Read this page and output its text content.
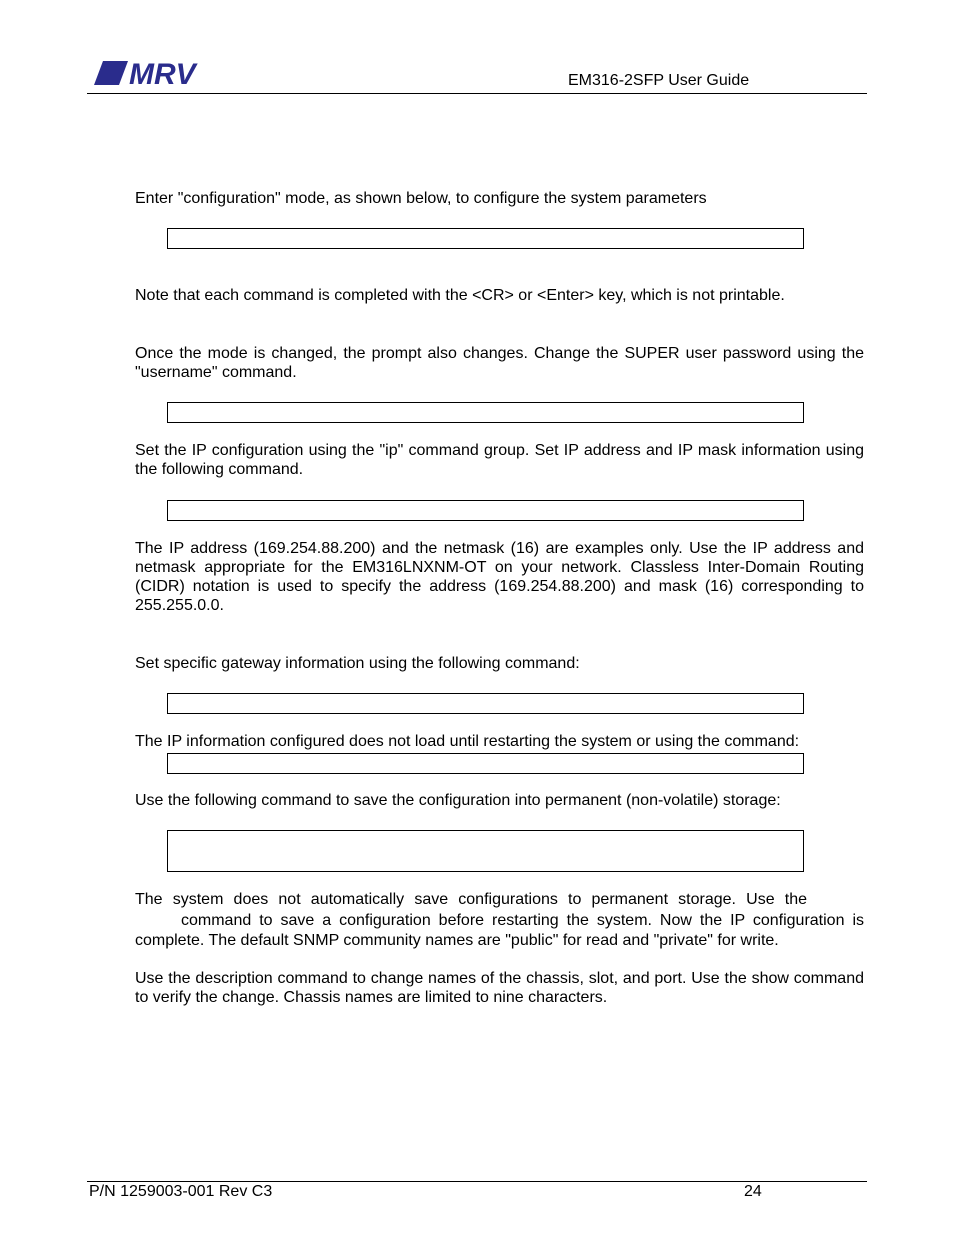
MRV	EM316-2SFP User Guide

Enter "configuration" mode, as shown below, to configure the system parameters

Note that each command is completed with the <CR> or <Enter> key, which is not printable.

Once the mode is changed, the prompt also changes. Change the SUPER user password using the "username" command.

Set the IP configuration using the "ip" command group. Set IP address and IP mask information using the following command.

The IP address (169.254.88.200) and the netmask (16) are examples only. Use the IP address and netmask appropriate for the EM316LNXNM-OT on your network. Classless Inter-Domain Routing (CIDR) notation is used to specify the address (169.254.88.200) and mask (16) corresponding to 255.255.0.0.

Set specific gateway information using the following command:

The IP information configured does not load until restarting the system or using the command:

Use the following command to save the configuration into permanent (non-volatile) storage:

The system does not automatically save configurations to permanent storage. Use the
command to save a configuration before restarting the system. Now the IP configuration is
complete. The default SNMP community names are "public" for read and "private" for write.

Use the description command to change names of the chassis, slot, and port. Use the show command to verify the change. Chassis names are limited to nine characters.

P/N 1259003-001 Rev C3	24
